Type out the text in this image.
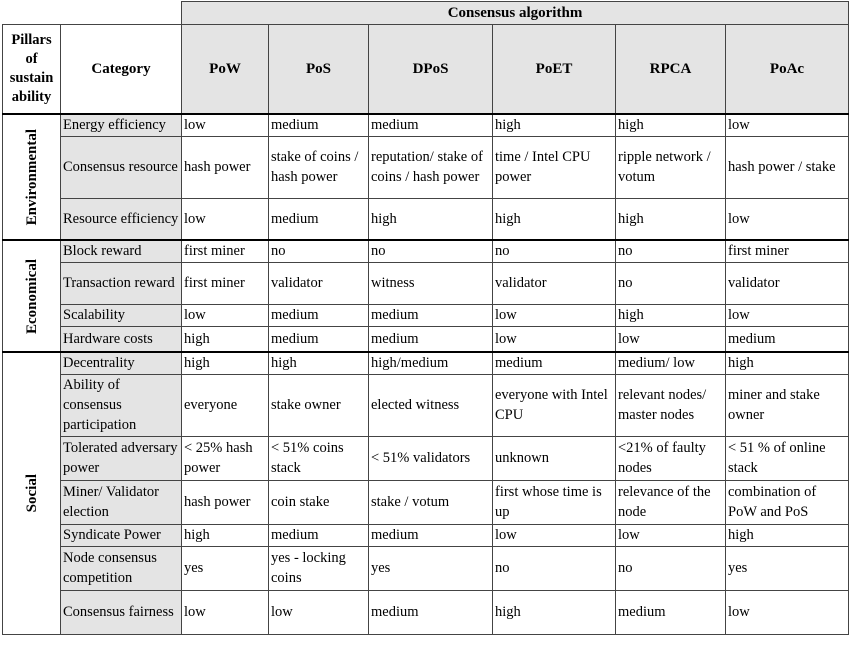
		Consensus algorithm					
Pillars of sustain ability	Category	PoW	PoS	DPoS	PoET	RPCA	PoAc

Environmental	Energy efficiency	low	medium	medium	high	high	low
	Consensus resource	hash power	stake of coins / hash power	reputation/ stake of coins / hash power	time / Intel CPU power	ripple network / votum	hash power / stake
	Resource efficiency	low	medium	high	high	high	low

Economical	Block reward	first miner	no	no	no	no	first miner
	Transaction reward	first miner	validator	witness	validator	no	validator
	Scalability	low	medium	medium	low	high	low
	Hardware costs	high	medium	medium	low	low	medium

Social	Decentrality	high	high	high/medium	medium	medium/ low	high
	Ability of consensus participation	everyone	stake owner	elected witness	everyone with Intel CPU	relevant nodes/ master nodes	miner and stake owner
	Tolerated adversary power	< 25% hash power	< 51% coins stack	< 51% validators	unknown	<21% of faulty nodes	< 51 % of online stack
	Miner/ Validator election	hash power	coin stake	stake / votum	first whose time is up	relevance of the node	combination of PoW and PoS
	Syndicate Power	high	medium	medium	low	low	high
	Node consensus competition	yes	yes - locking coins	yes	no	no	yes
	Consensus fairness	low	low	medium	high	medium	low
